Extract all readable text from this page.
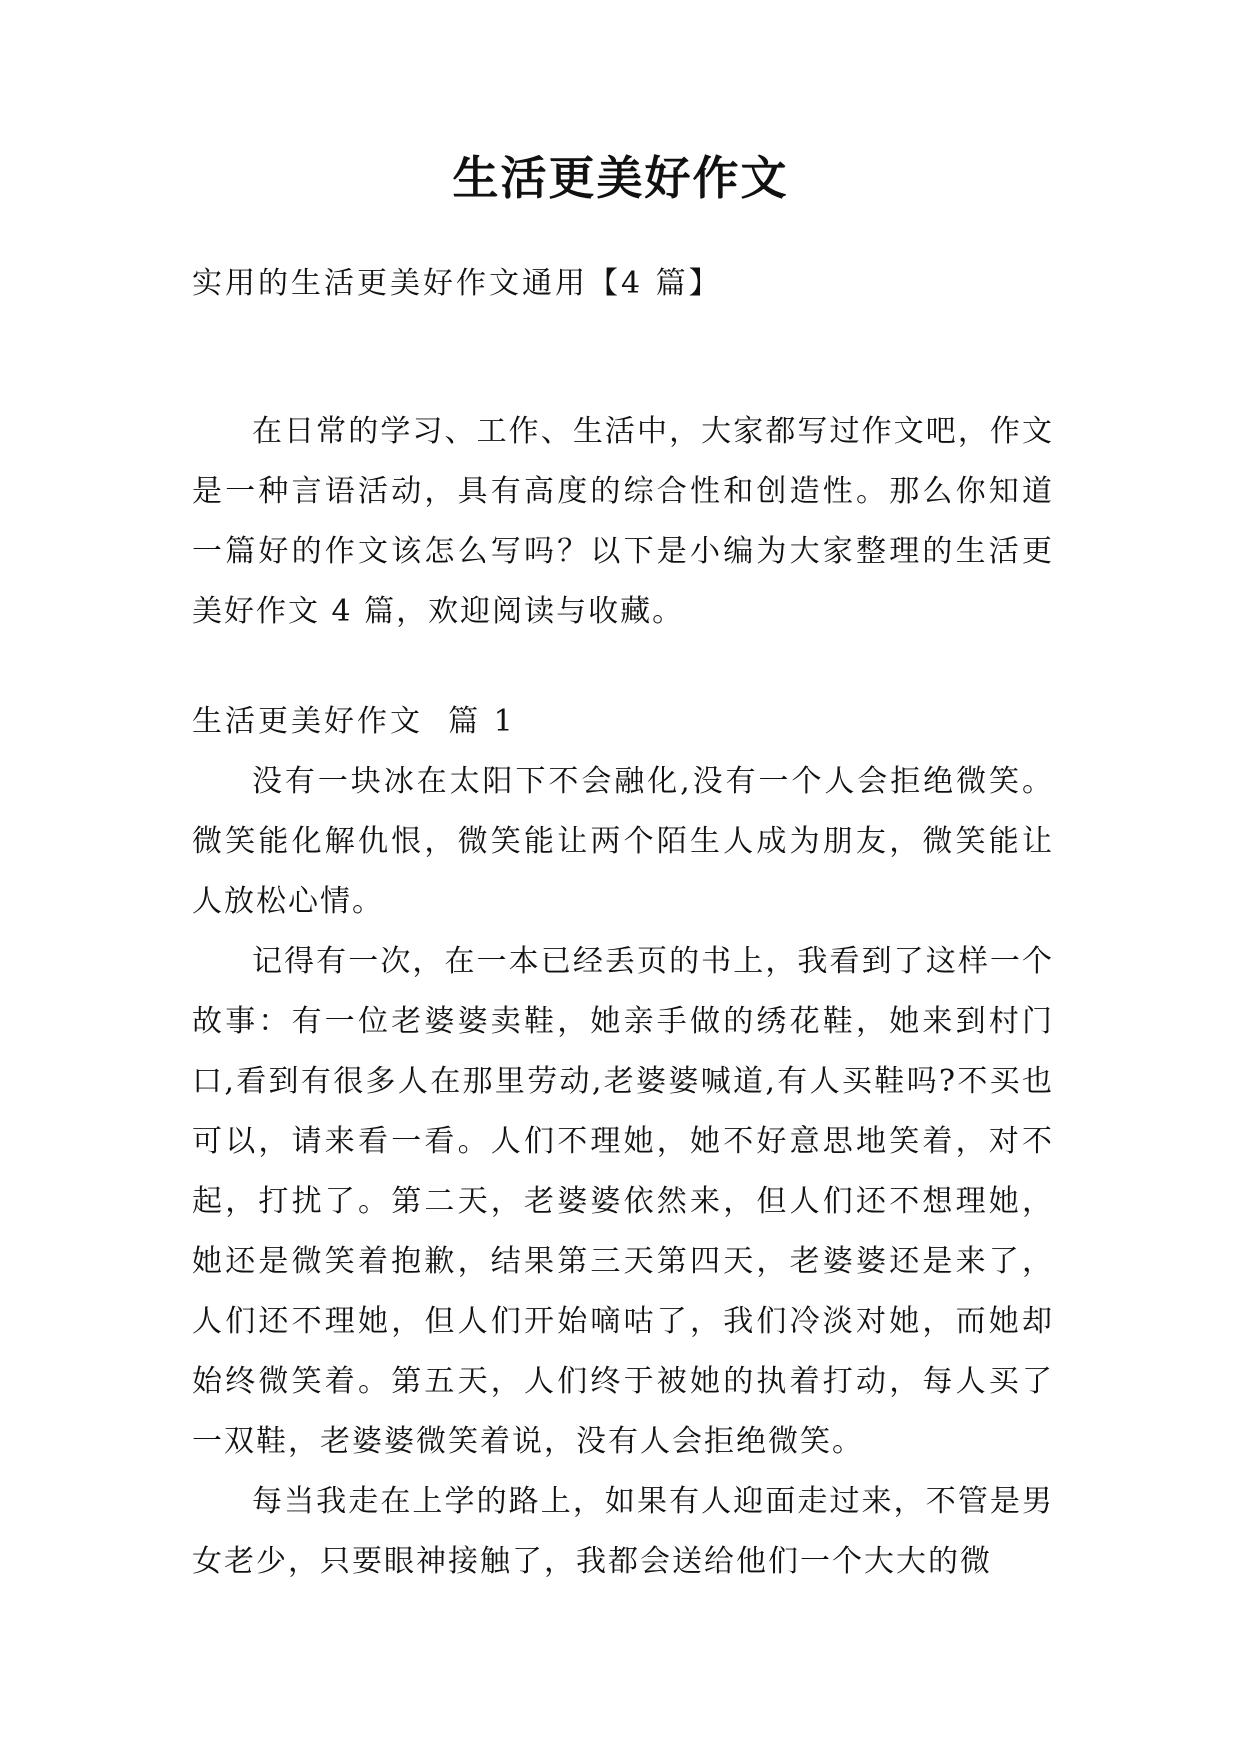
生活更美好作文
实用的生活更美好作文通用【4 篇】

在日常的学习、工作、生活中，大家都写过作文吧，作文是一种言语活动，具有高度的综合性和创造性。那么你知道一篇好的作文该怎么写吗？以下是小编为大家整理的生活更美好作文 4 篇，欢迎阅读与收藏。

生活更美好作文  篇 1

没有一块冰在太阳下不会融化,没有一个人会拒绝微笑。微笑能化解仇恨，微笑能让两个陌生人成为朋友，微笑能让人放松心情。

记得有一次，在一本已经丢页的书上，我看到了这样一个故事：有一位老婆婆卖鞋，她亲手做的绣花鞋，她来到村门口,看到有很多人在那里劳动,老婆婆喊道,有人买鞋吗?不买也可以，请来看一看。人们不理她，她不好意思地笑着，对不起，打扰了。第二天，老婆婆依然来，但人们还不想理她，她还是微笑着抱歉，结果第三天第四天，老婆婆还是来了，人们还不理她，但人们开始嘀咕了，我们冷淡对她，而她却始终微笑着。第五天，人们终于被她的执着打动，每人买了一双鞋，老婆婆微笑着说，没有人会拒绝微笑。

每当我走在上学的路上，如果有人迎面走过来，不管是男女老少，只要眼神接触了，我都会送给他们一个大大的微
